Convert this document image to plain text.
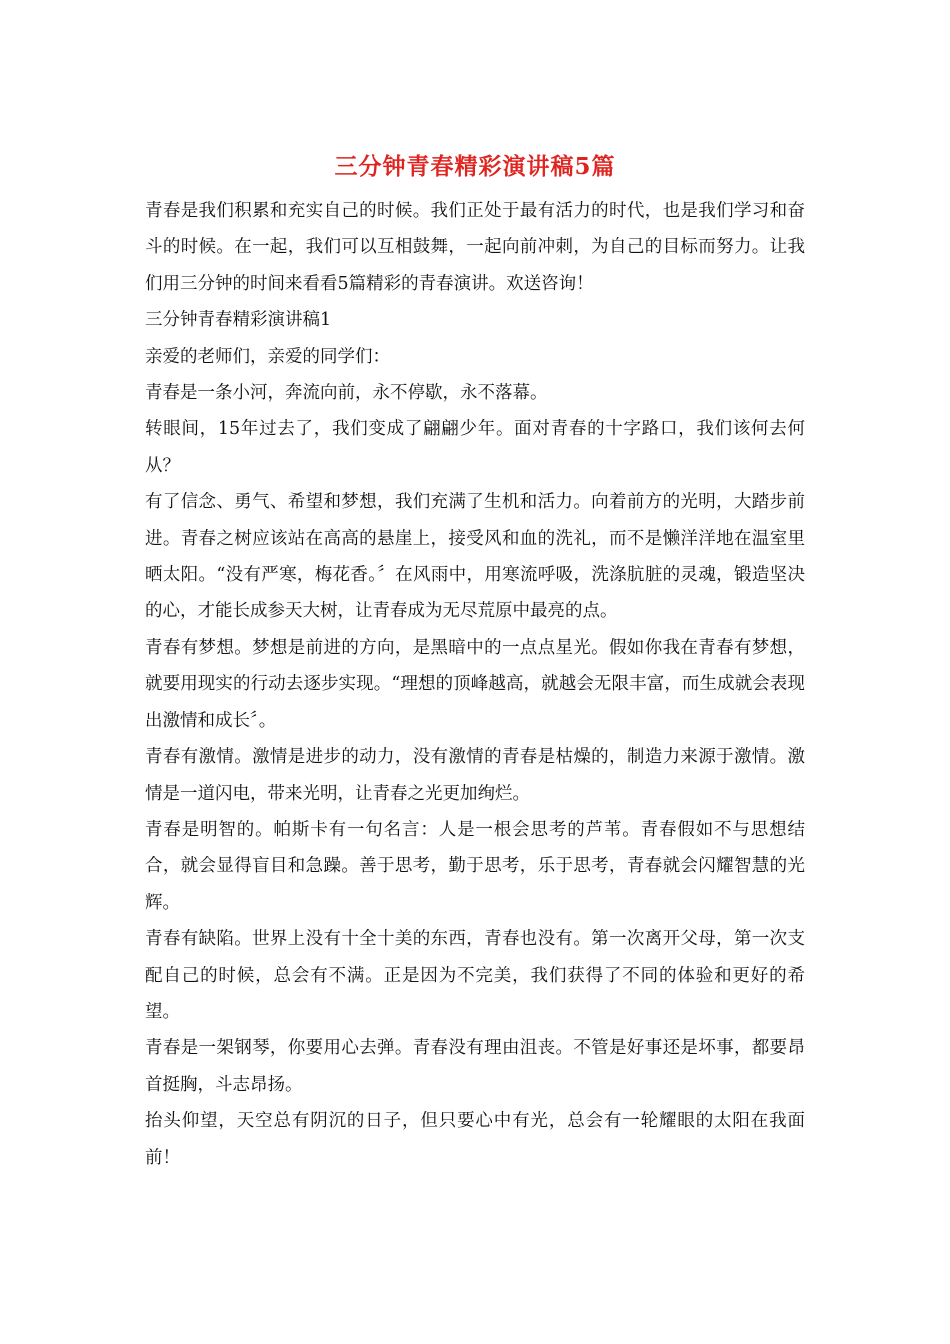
三分钟青春精彩演讲稿5篇

青春是我们积累和充实自己的时候。我们正处于最有活力的时代，也是我们学习和奋斗的时候。在一起，我们可以互相鼓舞，一起向前冲刺，为自己的目标而努力。让我们用三分钟的时间来看看5篇精彩的青春演讲。欢送咨询！

三分钟青春精彩演讲稿1

亲爱的老师们，亲爱的同学们：

青春是一条小河，奔流向前，永不停歇，永不落幕。

转眼间，15年过去了，我们变成了翩翩少年。面对青春的十字路口，我们该何去何从？

有了信念、勇气、希望和梦想，我们充满了生机和活力。向着前方的光明，大踏步前进。青春之树应该站在高高的悬崖上，接受风和血的洗礼，而不是懒洋洋地在温室里晒太阳。“没有严寒，梅花香。〞在风雨中，用寒流呼吸，洗涤肮脏的灵魂，锻造坚决的心，才能长成参天大树，让青春成为无尽荒原中最亮的点。

青春有梦想。梦想是前进的方向，是黑暗中的一点点星光。假如你我在青春有梦想，就要用现实的行动去逐步实现。“理想的顶峰越高，就越会无限丰富，而生成就会表现出激情和成长〞。

青春有激情。激情是进步的动力，没有激情的青春是枯燥的，制造力来源于激情。激情是一道闪电，带来光明，让青春之光更加绚烂。

青春是明智的。帕斯卡有一句名言：人是一根会思考的芦苇。青春假如不与思想结合，就会显得盲目和急躁。善于思考，勤于思考，乐于思考，青春就会闪耀智慧的光辉。

青春有缺陷。世界上没有十全十美的东西，青春也没有。第一次离开父母，第一次支配自己的时候，总会有不满。正是因为不完美，我们获得了不同的体验和更好的希望。

青春是一架钢琴，你要用心去弹。青春没有理由沮丧。不管是好事还是坏事，都要昂首挺胸，斗志昂扬。

抬头仰望，天空总有阴沉的日子，但只要心中有光，总会有一轮耀眼的太阳在我面前！
